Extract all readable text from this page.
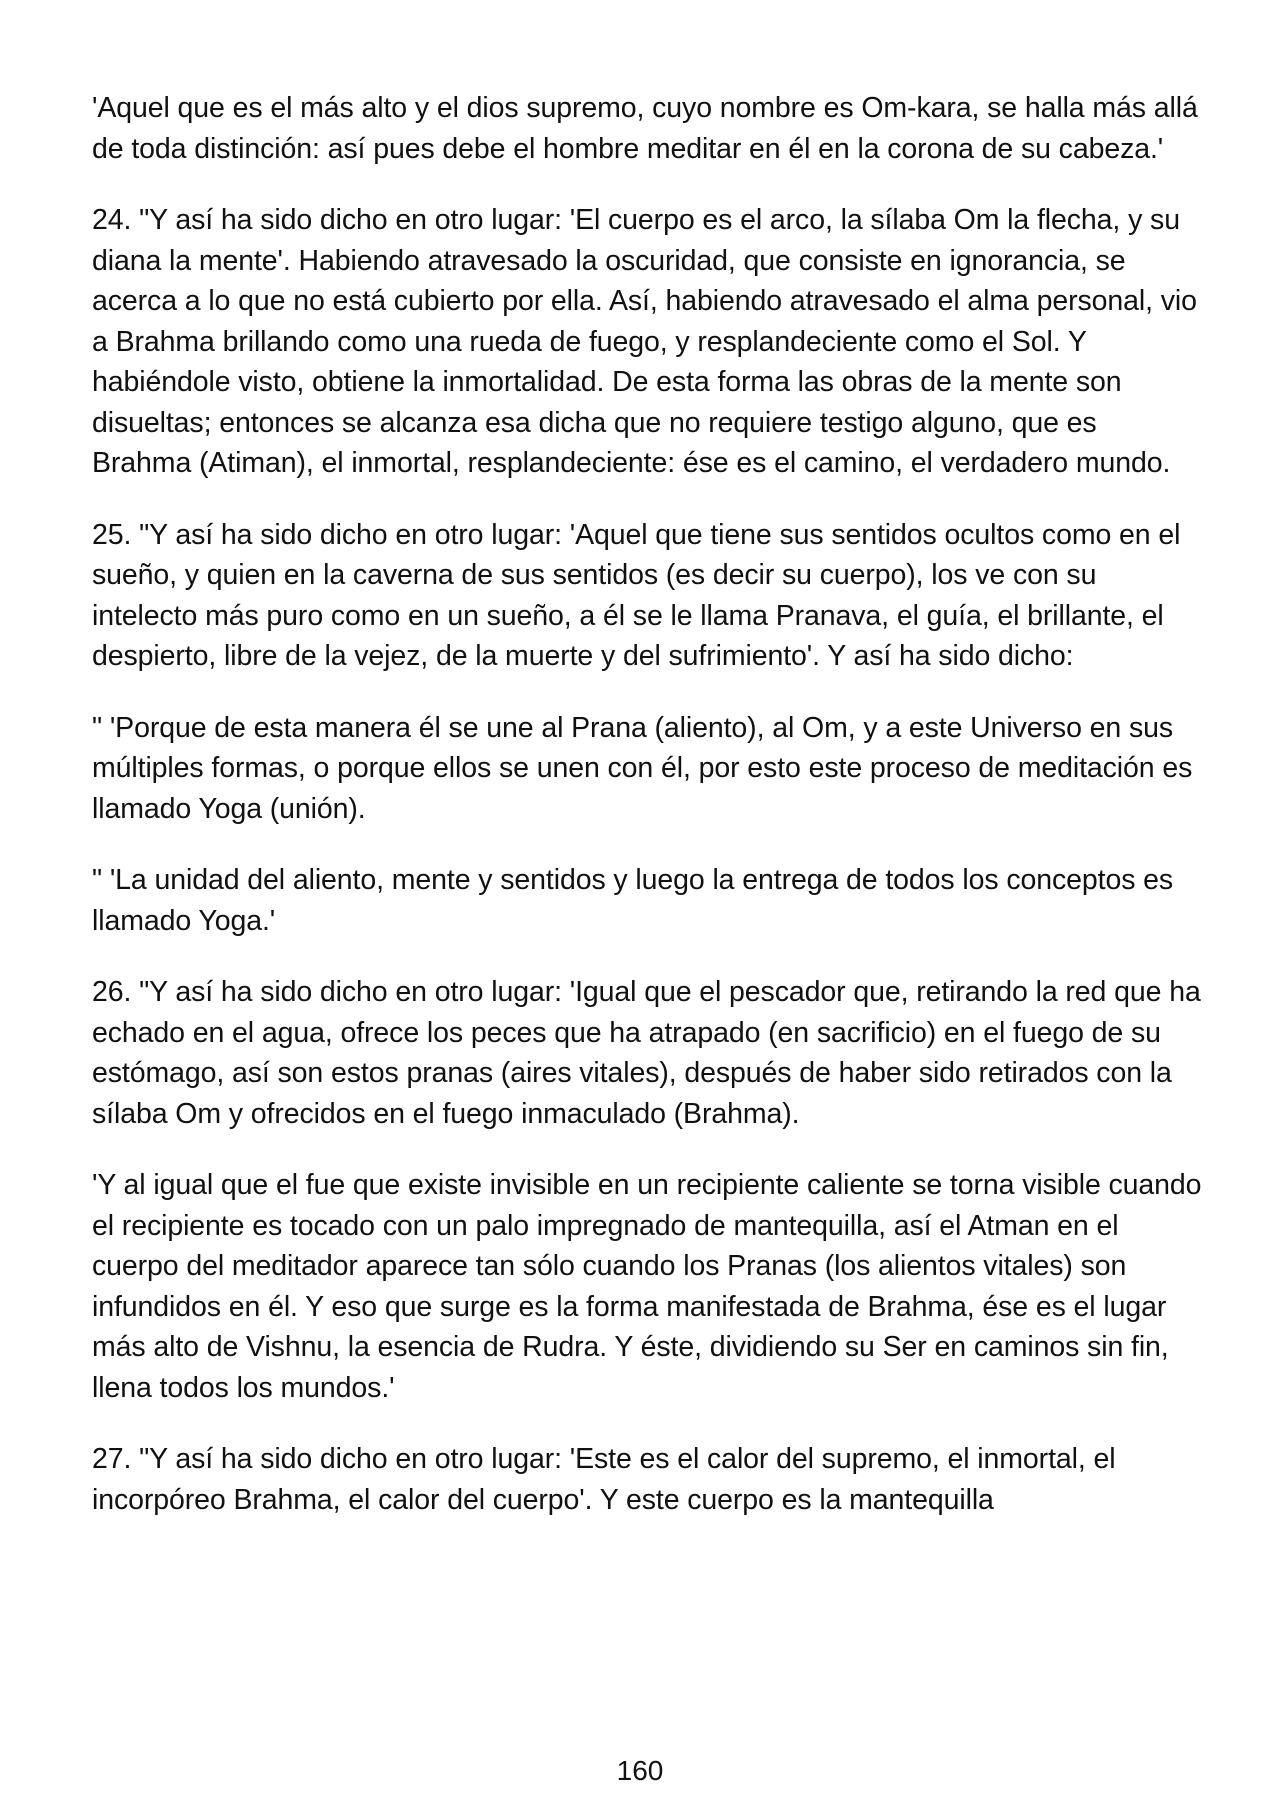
'Aquel que es el más alto y el dios supremo, cuyo nombre es Om-kara, se halla más allá de toda distinción: así pues debe el hombre meditar en él en la corona de su cabeza.'

24. "Y así ha sido dicho en otro lugar: 'El cuerpo es el arco, la sílaba Om la flecha, y su diana la mente'. Habiendo atravesado la oscuridad, que consiste en ignorancia, se acerca a lo que no está cubierto por ella. Así, habiendo atravesado el alma personal, vio a Brahma brillando como una rueda de fuego, y resplandeciente como el Sol. Y habiéndole visto, obtiene la inmortalidad. De esta forma las obras de la mente son disueltas; entonces se alcanza esa dicha que no requiere testigo alguno, que es Brahma (Atiman), el inmortal, resplandeciente: ése es el camino, el verdadero mundo.

25. "Y así ha sido dicho en otro lugar: 'Aquel que tiene sus sentidos ocultos como en el sueño, y quien en la caverna de sus sentidos (es decir su cuerpo), los ve con su intelecto más puro como en un sueño, a él se le llama Pranava, el guía, el brillante, el despierto, libre de la vejez, de la muerte y del sufrimiento'. Y así ha sido dicho:

" 'Porque de esta manera él se une al Prana (aliento), al Om, y a este Universo en sus múltiples formas, o porque ellos se unen con él, por esto este proceso de meditación es llamado Yoga (unión).

" 'La unidad del aliento, mente y sentidos y luego la entrega de todos los conceptos es llamado Yoga.'

26. "Y así ha sido dicho en otro lugar: 'Igual que el pescador que, retirando la red que ha echado en el agua, ofrece los peces que ha atrapado (en sacrificio) en el fuego de su estómago, así son estos pranas (aires vitales), después de haber sido retirados con la sílaba Om y ofrecidos en el fuego inmaculado (Brahma).

'Y al igual que el fue que existe invisible en un recipiente caliente se torna visible cuando el recipiente es tocado con un palo impregnado de mantequilla, así el Atman en el cuerpo del meditador aparece tan sólo cuando los Pranas (los alientos vitales) son infundidos en él. Y eso que surge es la forma manifestada de Brahma, ése es el lugar más alto de Vishnu, la esencia de Rudra. Y éste, dividiendo su Ser en caminos sin fin, llena todos los mundos.'

27. "Y así ha sido dicho en otro lugar: 'Este es el calor del supremo, el inmortal, el incorpóreo Brahma, el calor del cuerpo'. Y este cuerpo es la mantequilla

160
